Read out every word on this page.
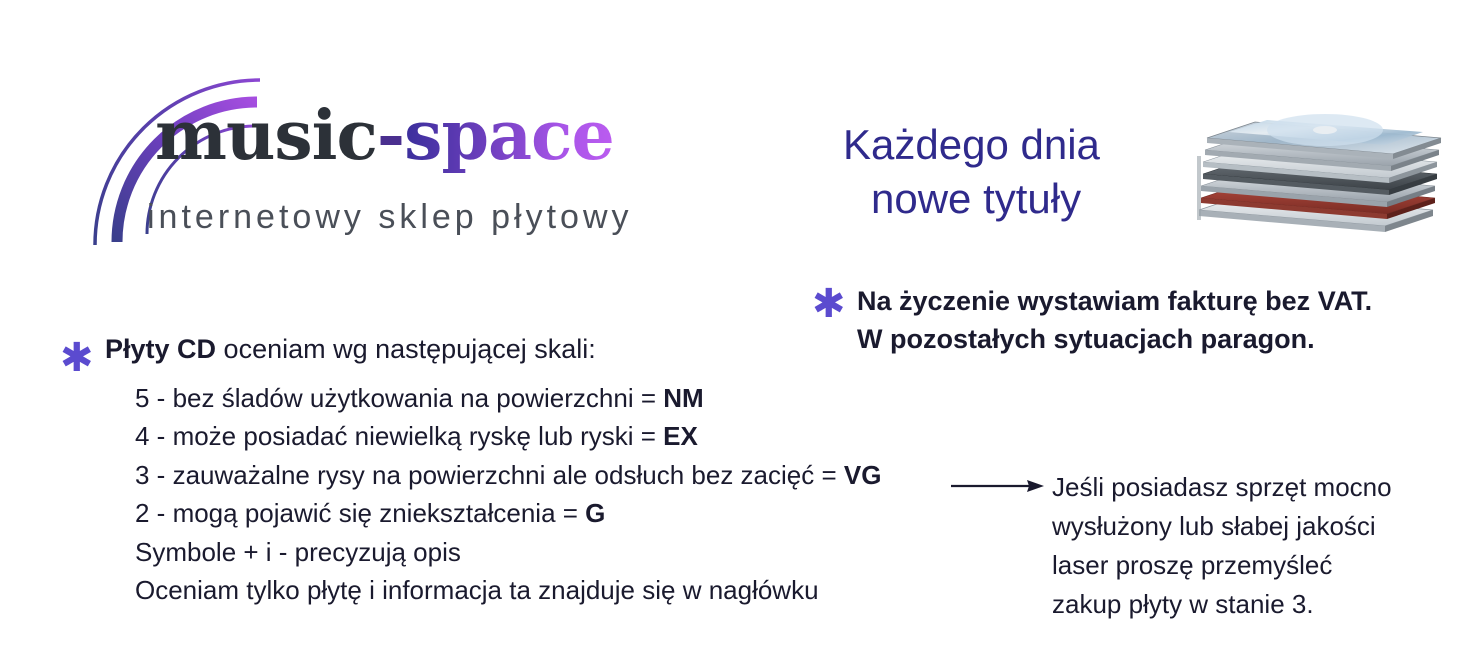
music-space
internetowy sklep płytowy
Każdego dnia
nowe tytuły
✱ Na życzenie wystawiam fakturę bez VAT.
W pozostałych sytuacjach paragon.
✱ Płyty CD oceniam wg następującej skali:
5 - bez śladów użytkowania na powierzchni = NM
4 - może posiadać niewielką ryskę lub ryski = EX
3 - zauważalne rysy na powierzchni ale odsłuch bez zacięć = VG
2 - mogą pojawić się zniekształcenia = G
Symbole + i - precyzują opis
Oceniam tylko płytę i informacja ta znajduje się w nagłówku
Jeśli posiadasz sprzęt mocno
wysłużony lub słabej jakości
laser proszę przemyśleć
zakup płyty w stanie 3.
